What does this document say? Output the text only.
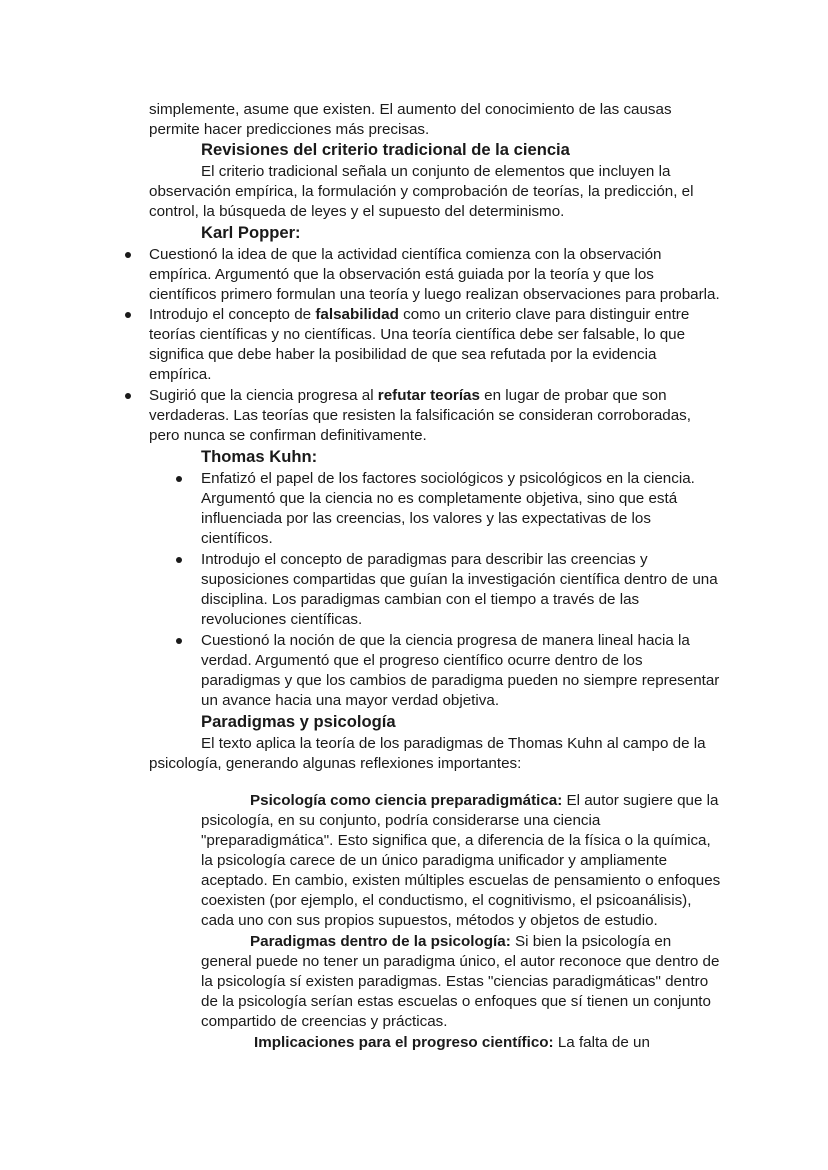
simplemente, asume que existen. El aumento del conocimiento de las causas
permite hacer predicciones más precisas.
Revisiones del criterio tradicional de la ciencia
El criterio tradicional señala un conjunto de elementos que incluyen la
observación empírica, la formulación y comprobación de teorías, la predicción, el
control, la búsqueda de leyes y el supuesto del determinismo.
Karl Popper:
Cuestionó la idea de que la actividad científica comienza con la observación
empírica. Argumentó que la observación está guiada por la teoría y que los
científicos primero formulan una teoría y luego realizan observaciones para probarla.
Introdujo el concepto de falsabilidad como un criterio clave para distinguir entre
teorías científicas y no científicas. Una teoría científica debe ser falsable, lo que
significa que debe haber la posibilidad de que sea refutada por la evidencia
empírica.
Sugirió que la ciencia progresa al refutar teorías en lugar de probar que son
verdaderas. Las teorías que resisten la falsificación se consideran corroboradas,
pero nunca se confirman definitivamente.
Thomas Kuhn:
Enfatizó el papel de los factores sociológicos y psicológicos en la ciencia.
Argumentó que la ciencia no es completamente objetiva, sino que está
influenciada por las creencias, los valores y las expectativas de los
científicos.
Introdujo el concepto de paradigmas para describir las creencias y
suposiciones compartidas que guían la investigación científica dentro de una
disciplina. Los paradigmas cambian con el tiempo a través de las
revoluciones científicas.
Cuestionó la noción de que la ciencia progresa de manera lineal hacia la
verdad. Argumentó que el progreso científico ocurre dentro de los
paradigmas y que los cambios de paradigma pueden no siempre representar
un avance hacia una mayor verdad objetiva.
Paradigmas y psicología
El texto aplica la teoría de los paradigmas de Thomas Kuhn al campo de la
psicología, generando algunas reflexiones importantes:
Psicología como ciencia preparadigmática: El autor sugiere que la
psicología, en su conjunto, podría considerarse una ciencia
"preparadigmática". Esto significa que, a diferencia de la física o la química,
la psicología carece de un único paradigma unificador y ampliamente
aceptado. En cambio, existen múltiples escuelas de pensamiento o enfoques
coexisten (por ejemplo, el conductismo, el cognitivismo, el psicoanálisis),
cada uno con sus propios supuestos, métodos y objetos de estudio.
Paradigmas dentro de la psicología: Si bien la psicología en
general puede no tener un paradigma único, el autor reconoce que dentro de
la psicología sí existen paradigmas. Estas "ciencias paradigmáticas" dentro
de la psicología serían estas escuelas o enfoques que sí tienen un conjunto
compartido de creencias y prácticas.
Implicaciones para el progreso científico: La falta de un
